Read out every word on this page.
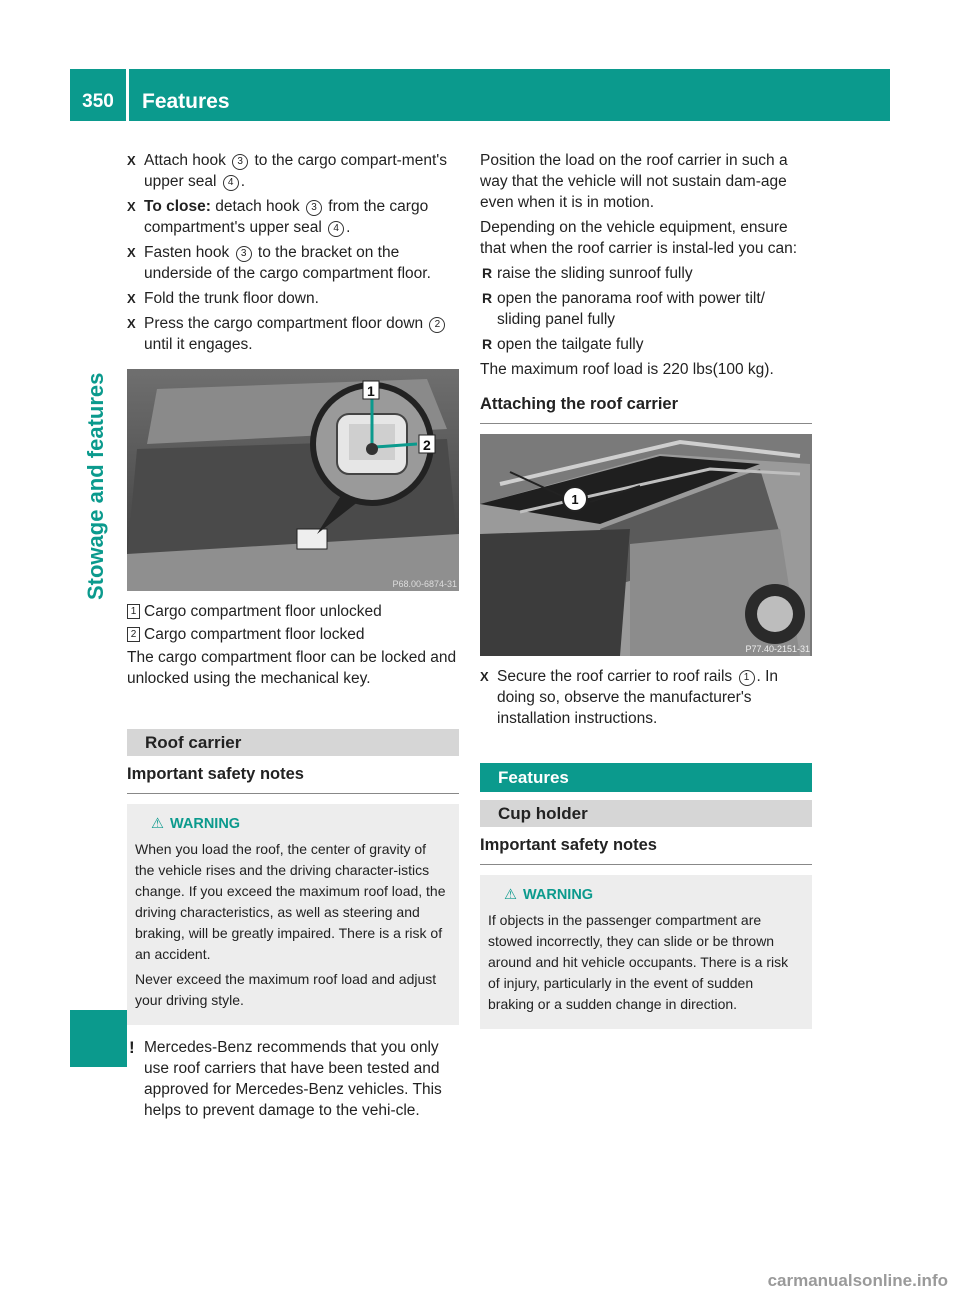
350	Features
Stowage and features
X Attach hook 3 to the cargo compart-ment's upper seal 4 .
X To close: detach hook 3 from the cargo compartment's upper seal 4 .
X Fasten hook 3 to the bracket on the underside of the cargo compartment floor.
X Fold the trunk floor down.
X Press the cargo compartment floor down 2 until it engages.
1
2
P68.00-6874-31
1 Cargo compartment floor unlocked
2 Cargo compartment floor locked

The cargo compartment floor can be locked and unlocked using the mechanical key.

Roof carrier
Important safety notes
⚠ WARNING

When you load the roof, the center of gravity of the vehicle rises and the driving character-istics change. If you exceed the maximum roof load, the driving characteristics, as well as steering and braking, will be greatly impaired. There is a risk of an accident.

Never exceed the maximum roof load and adjust your driving style.

! Mercedes-Benz recommends that you only use roof carriers that have been tested and approved for Mercedes-Benz vehicles. This helps to prevent damage to the vehi-cle.

Position the load on the roof carrier in such a way that the vehicle will not sustain dam-age even when it is in motion.

Depending on the vehicle equipment, ensure that when the roof carrier is instal-led you can:

R raise the sliding sunroof fully
R open the panorama roof with power tilt/ sliding panel fully
R open the tailgate fully

The maximum roof load is 220 lbs(100 kg).

Attaching the roof carrier
1
P77.40-2151-31
X Secure the roof carrier to roof rails 1 . In doing so, observe the manufacturer's installation instructions.
Features
Cup holder
Important safety notes
⚠ WARNING

If objects in the passenger compartment are stowed incorrectly, they can slide or be thrown around and hit vehicle occupants. There is a risk of injury, particularly in the event of sudden braking or a sudden change in direction.

carmanualsonline.info
